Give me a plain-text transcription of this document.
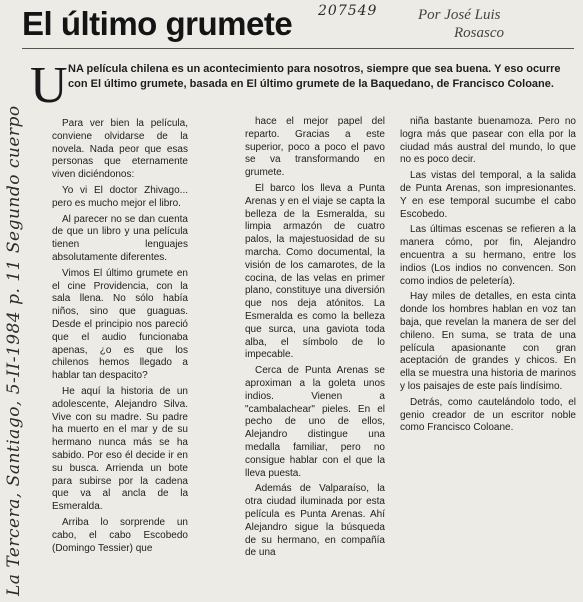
El último grumete 207549	Por José Luis
Rosasco
La Tercera, Santiago, 5-II-1984 p. 11 Segundo cuerpo
U NA película chilena es un acontecimiento para nosotros, siempre que sea buena. Y eso ocurre con El último grumete, basada en El último grumete de la Baquedano, de Francisco Coloane.

Para ver bien la película, conviene olvidarse de la novela. Nada peor que esas personas que eternamente viven diciéndonos:

Yo vi El doctor Zhivago... pero es mucho mejor el libro.

Al parecer no se dan cuenta de que un libro y una película tienen lenguajes absolutamente diferentes.

Vimos El último grumete en el cine Providencia, con la sala llena. No sólo había niños, sino que guaguas. Desde el principio nos pareció que el audio funcionaba apenas, ¿o es que los chilenos hemos llegado a hablar tan despacito?

He aquí la historia de un adolescente, Alejandro Silva. Vive con su madre. Su padre ha muerto en el mar y de su hermano nunca más se ha sabido. Por eso él decide ir en su busca. Arrienda un bote para subirse por la cadena que va al ancla de la Esmeralda.

Arriba lo sorprende un cabo, el cabo Escobedo (Domingo Tessier) que

hace el mejor papel del reparto. Gracias a este superior, poco a poco el pavo se va transformando en grumete.

El barco los lleva a Punta Arenas y en el viaje se capta la belleza de la Esmeralda, su limpia armazón de cuatro palos, la majestuosidad de su marcha. Como documental, la visión de los camarotes, de la cocina, de las velas en primer plano, constituye una diversión que nos deja atónitos. La Esmeralda es como la belleza que surca, una gaviota toda alba, el símbolo de lo impecable.

Cerca de Punta Arenas se aproximan a la goleta unos indios. Vienen a "cambalachear" pieles. En el pecho de uno de ellos, Alejandro distingue una medalla familiar, pero no consigue hablar con el que la lleva puesta.

Además de Valparaíso, la otra ciudad iluminada por esta película es Punta Arenas. Ahí Alejandro sigue la búsqueda de su hermano, en compañía de una

niña bastante buenamoza. Pero no logra más que pasear con ella por la ciudad más austral del mundo, lo que no es poco decir.

Las vistas del temporal, a la salida de Punta Arenas, son impresionantes. Y en ese temporal sucumbe el cabo Escobedo.

Las últimas escenas se refieren a la manera cómo, por fin, Alejandro encuentra a su hermano, entre los indios (Los indios no convencen. Son como indios de peletería).

Hay miles de detalles, en esta cinta donde los hombres hablan en voz tan baja, que revelan la manera de ser del chileno. En suma, se trata de una película apasionante con gran aceptación de grandes y chicos. En ella se muestra una historia de marinos y los paisajes de este país lindísimo.

Detrás, como cautelándolo todo, el genio creador de un escritor noble como Francisco Coloane.
